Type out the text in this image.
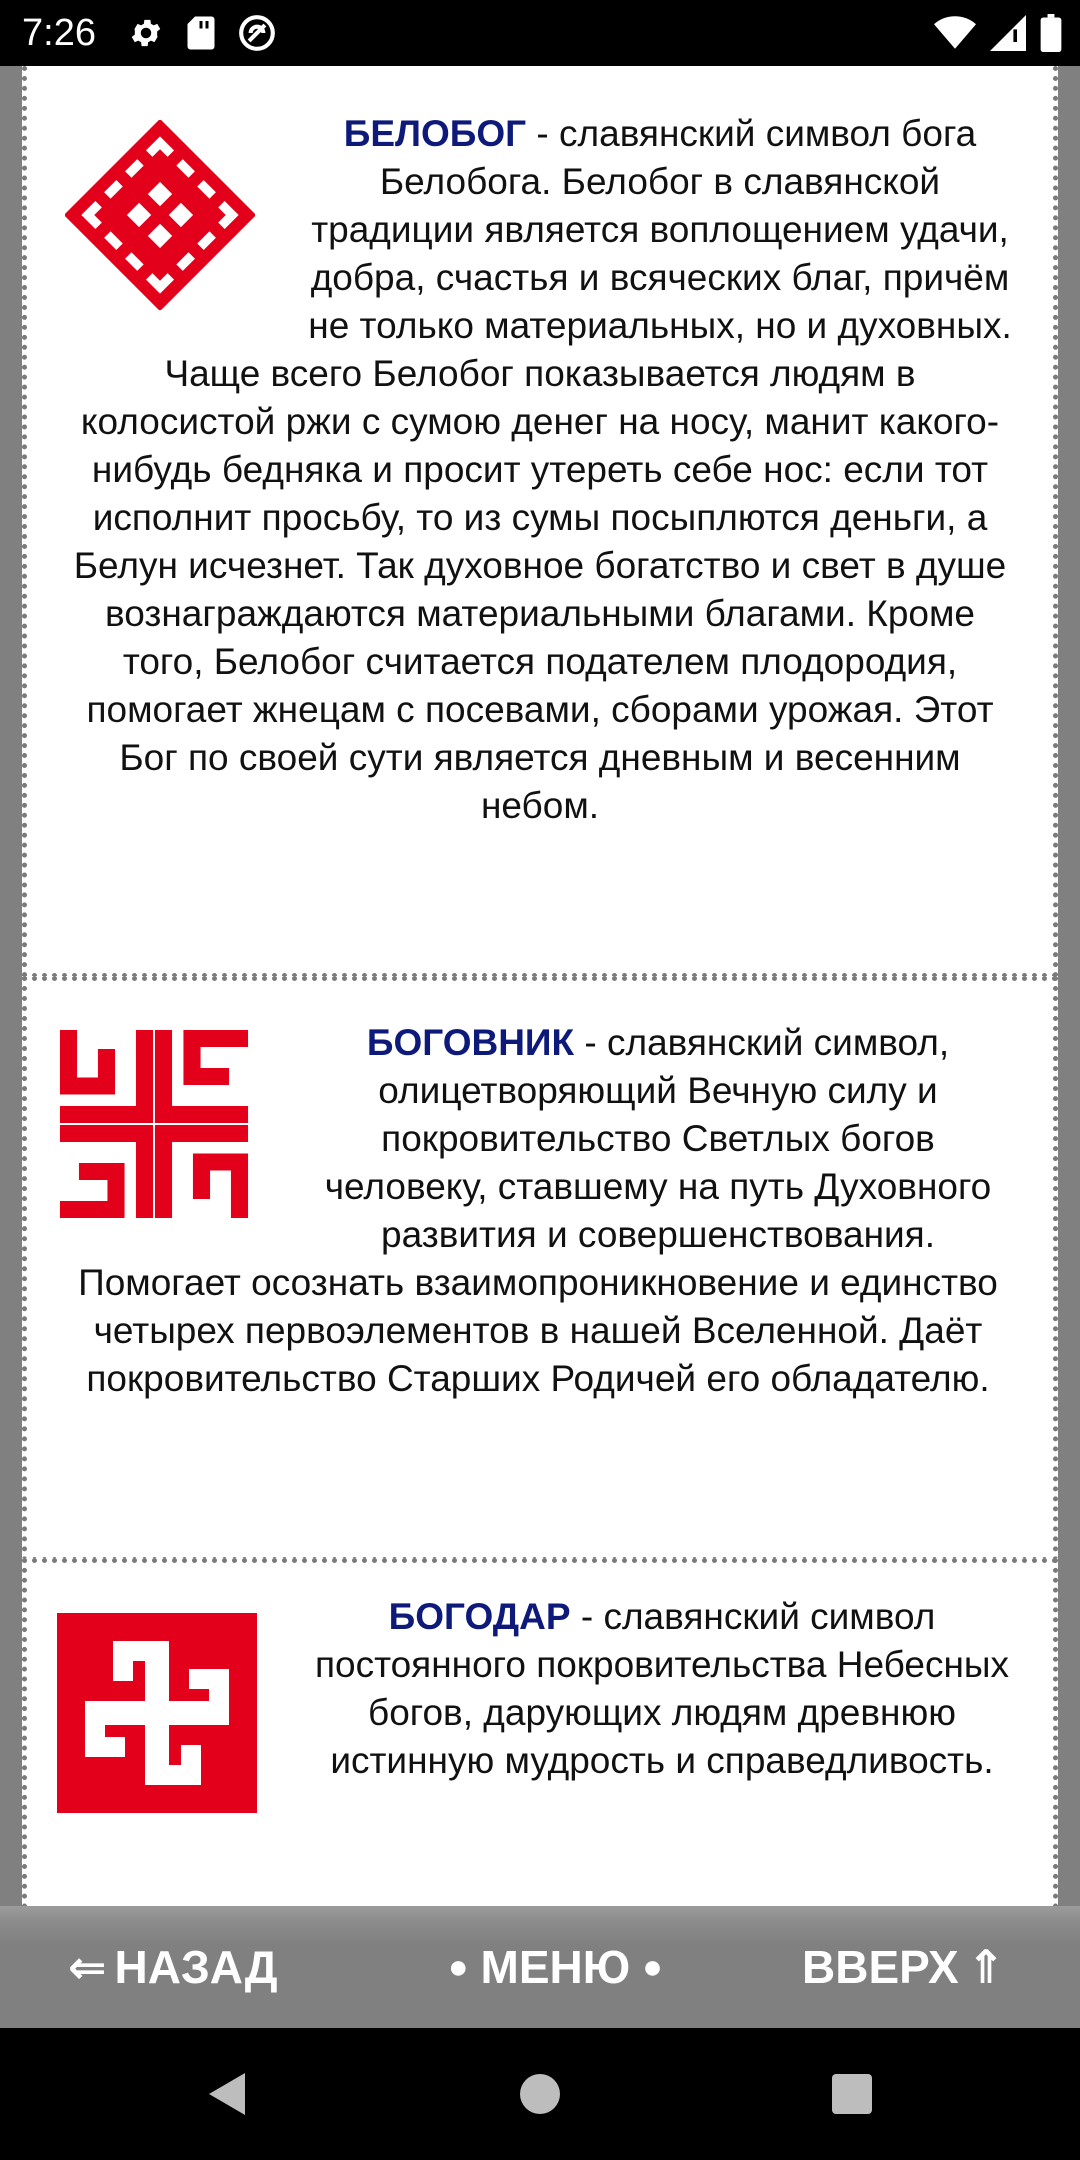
7:26

БЕЛОБОГ - славянский символ бога Белобога. Белобог в славянской традиции является воплощением удачи, добра, счастья и всяческих благ, причём не только материальных, но и духовных. Чаще всего Белобог показывается людям в колосистой ржи с сумою денег на носу, манит какого-нибудь бедняка и просит утереть себе нос: если тот исполнит просьбу, то из сумы посыплются деньги, а Белун исчезнет. Так духовное богатство и свет в душе вознаграждаются материальными благами. Кроме того, Белобог считается подателем плодородия, помогает жнецам с посевами, сборами урожая. Этот Бог по своей сути является дневным и весенним небом.

БОГОВНИК - славянский символ, олицетворяющий Вечную силу и покровительство Светлых богов человеку, ставшему на путь Духовного развития и совершенствования. Помогает осознать взаимопроникновение и единство четырех первоэлементов в нашей Вселенной. Даёт покровительство Старших Родичей его обладателю.

БОГОДАР - славянский символ постоянного покровительства Небесных богов, дарующих людям древнюю истинную мудрость и справедливость.

⇐ НАЗАД	● МЕНЮ ●	ВВЕРХ ⇑
